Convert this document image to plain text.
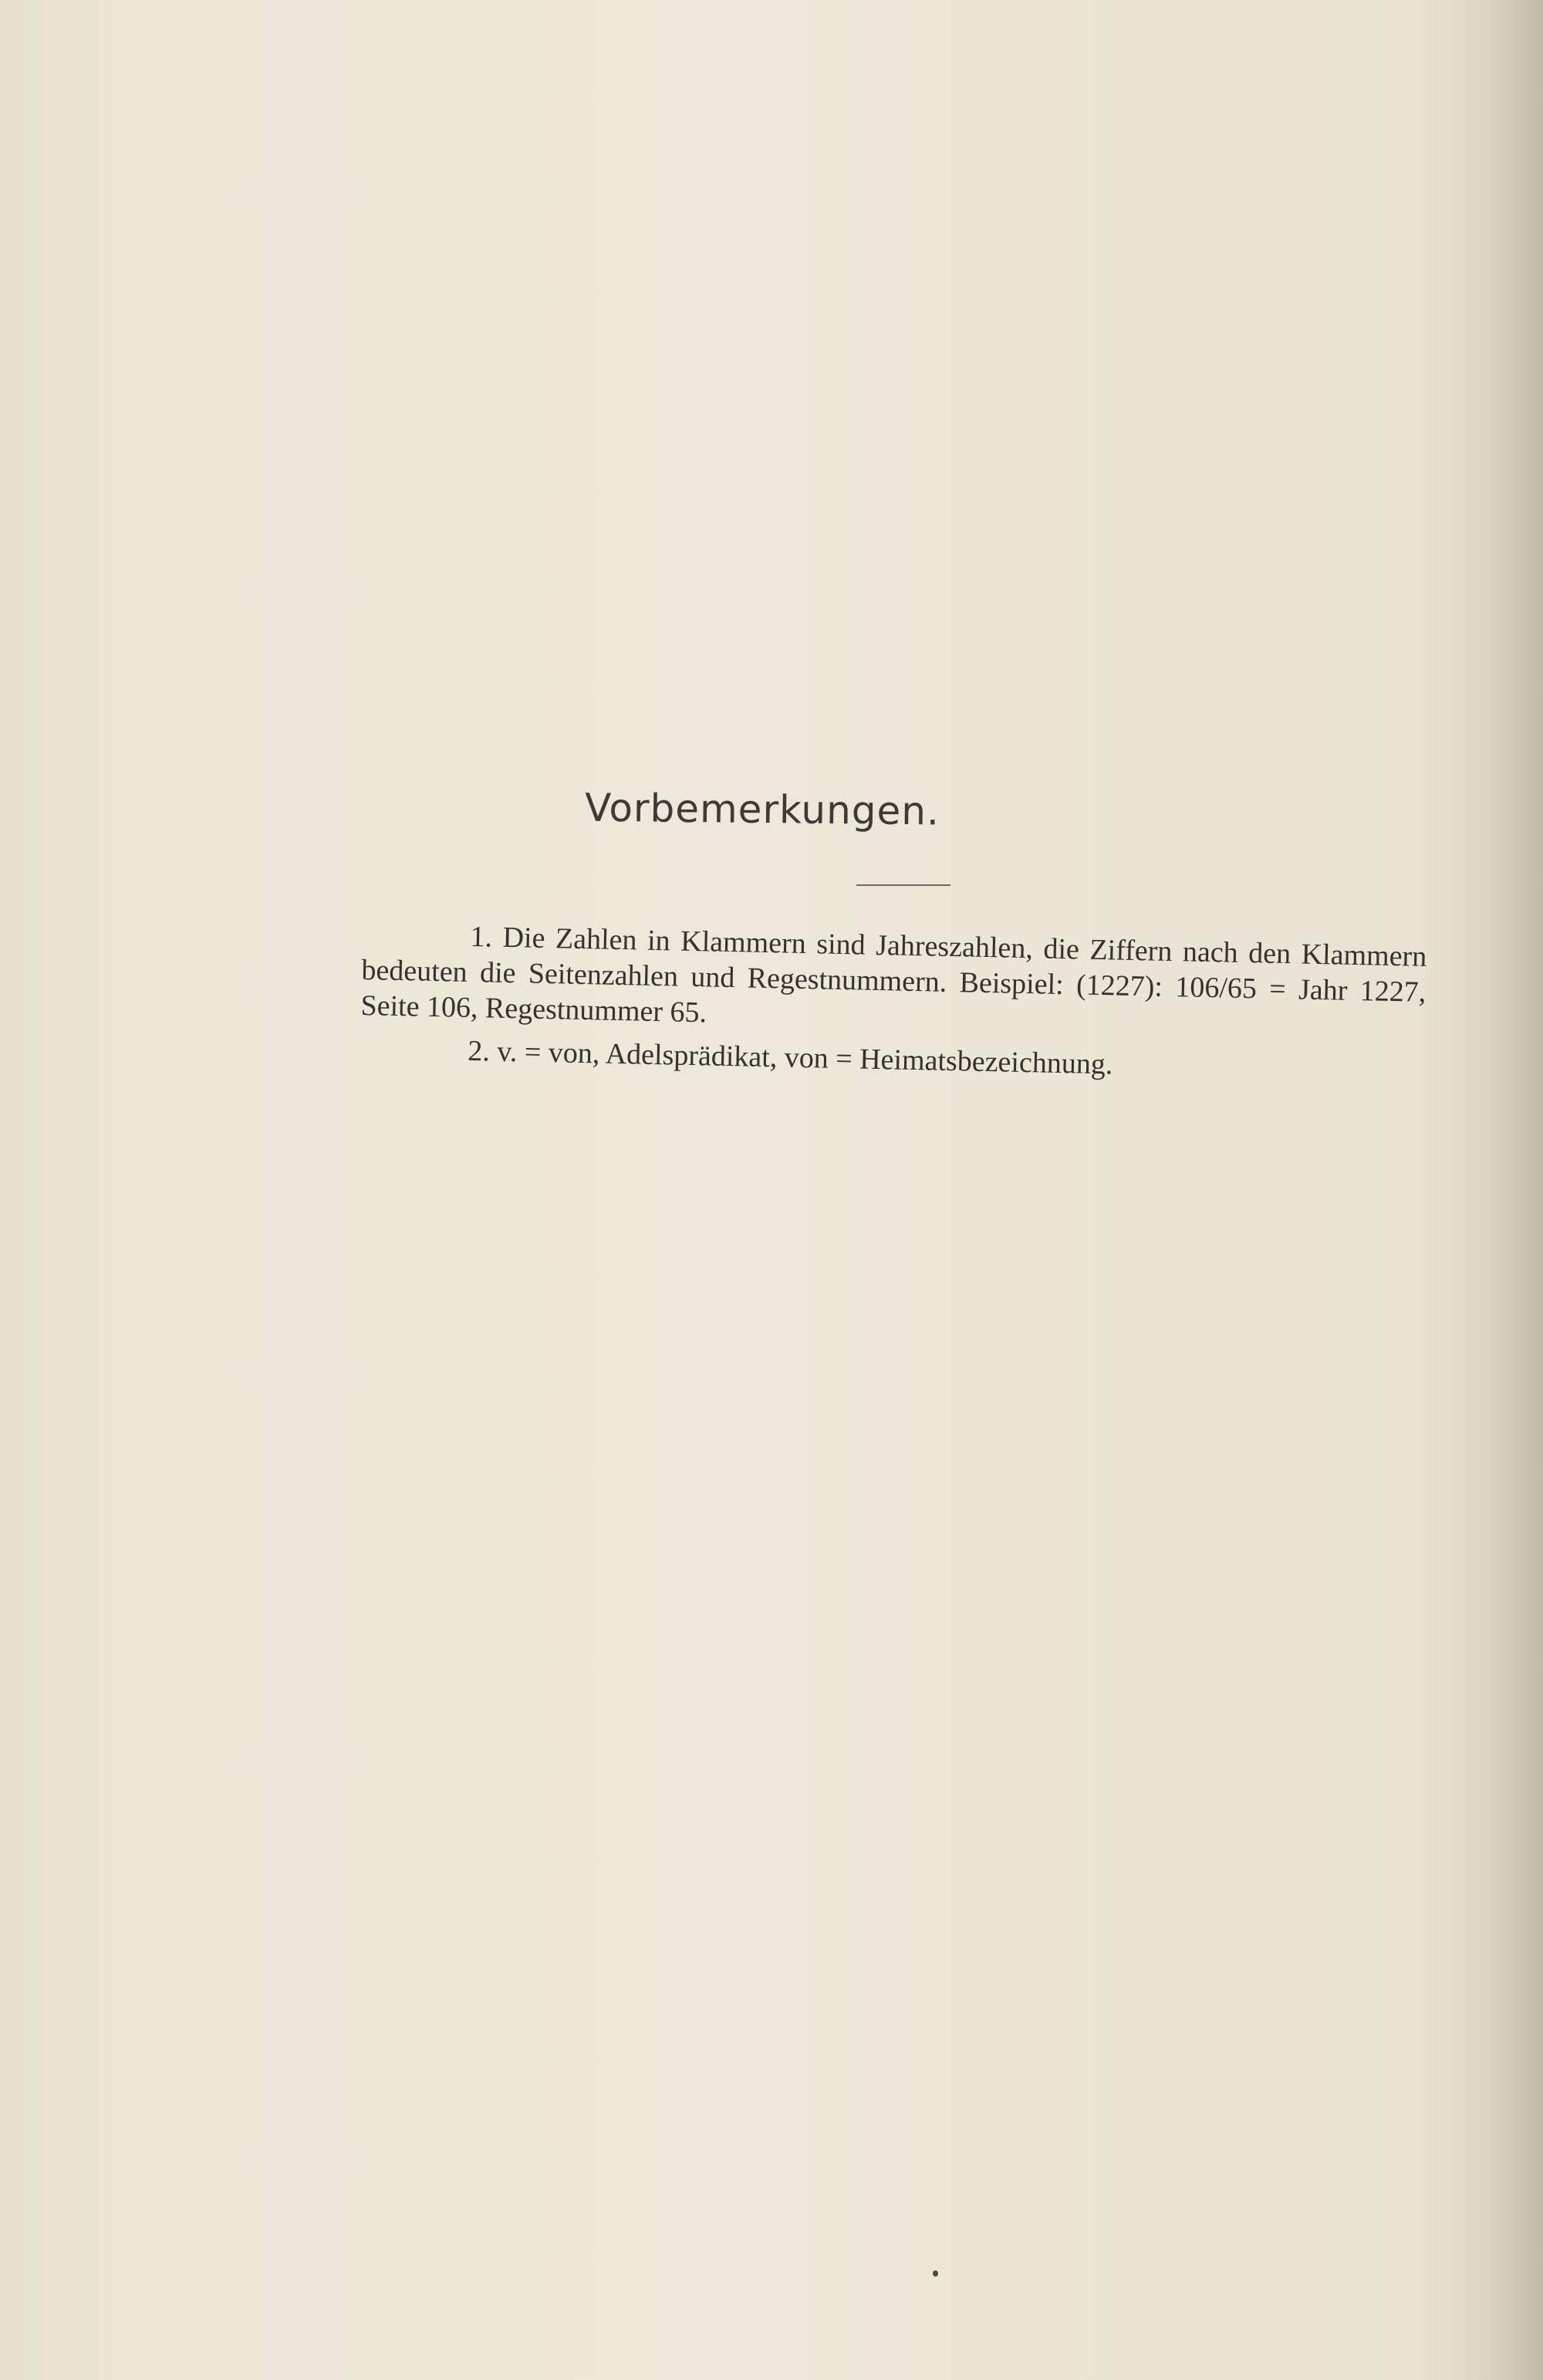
Vorbemerkungen.

1. Die Zahlen in Klammern sind Jahreszahlen, die Ziffern nach den Klammern bedeuten die Seitenzahlen und Regestnummern. Beispiel: (1227): 106/65 = Jahr 1227, Seite 106, Regestnummer 65.

2. v. = von, Adelsprädikat, von = Heimatsbezeichnung.
